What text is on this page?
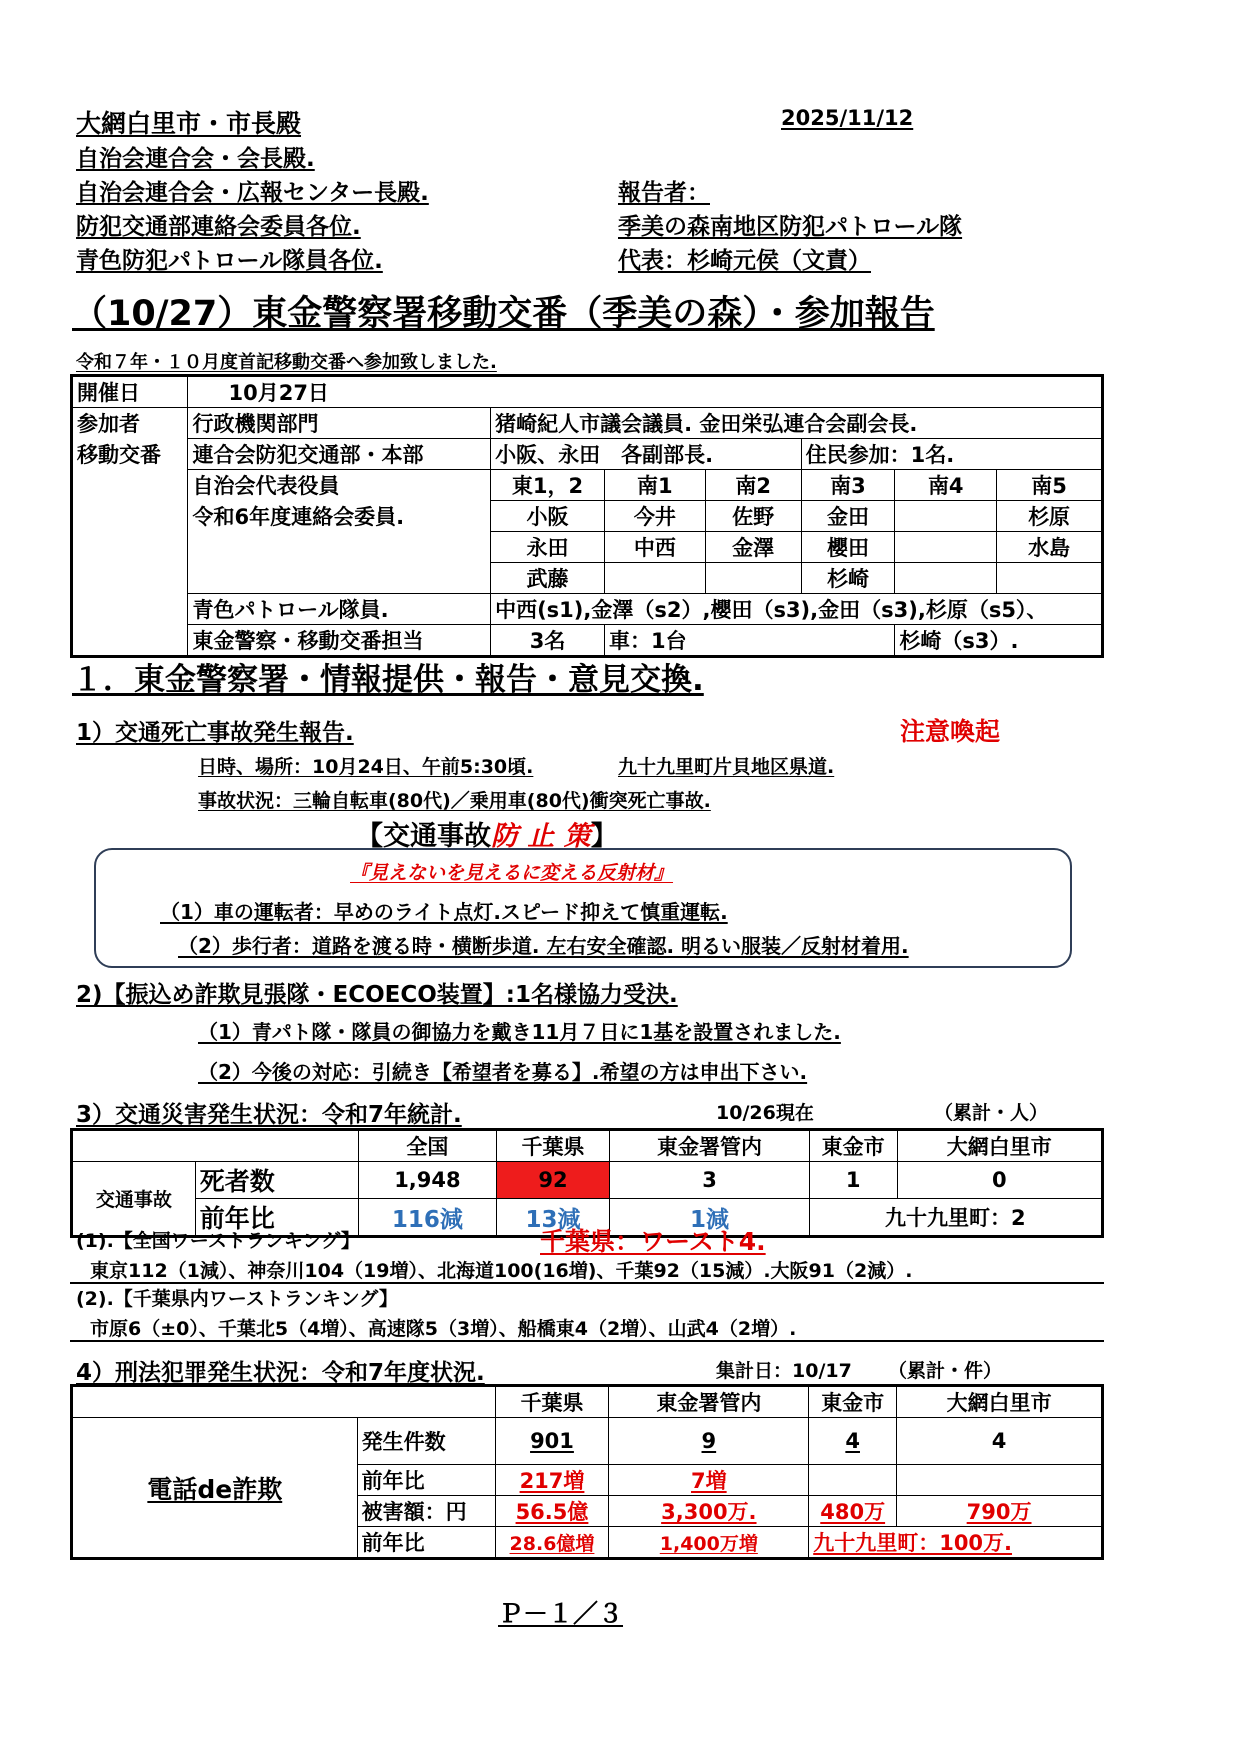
大網白里市・市長殿
自治会連合会・会長殿.
自治会連合会・広報センター長殿.
防犯交通部連絡会委員各位.
青色防犯パトロール隊員各位.
2025/11/12
報告者：
季美の森南地区防犯パトロール隊
代表：杉崎元侯（文責）
（10/27）東金警察署移動交番（季美の森）・参加報告
令和７年・１０月度首記移動交番へ参加致しました.
開催日	10月27日						
参加者	行政機関部門	猪崎紀人市議会議員. 金田栄弘連合会副会長.					
移動交番	連合会防犯交通部・本部	小阪、永田　各副部長.			住民参加：1名.		
	自治会代表役員	東1，2	南1	南2	南3	南4	南5
	令和6年度連絡会委員.	小阪	今井	佐野	金田		杉原
		永田	中西	金澤	櫻田		水島
		武藤			杉崎		
	青色パトロール隊員.	中西(s1),金澤（s2）,櫻田（s3),金田（s3),杉原（s5）、					
	東金警察・移動交番担当	3名	車：1台			杉崎（s3）.	
１．東金警察署・情報提供・報告・意見交換.
1）交通死亡事故発生報告.	注意喚起
日時、場所：10月24日、午前5:30頃.	九十九里町片貝地区県道.
事故状況：三輪自転車(80代)／乗用車(80代)衝突死亡事故.
【交通事故防 止 策】
『見えないを見えるに変える反射材』
（1）車の運転者：早めのライト点灯.スピード抑えて慎重運転.
（2）歩行者：道路を渡る時・横断歩道. 左右安全確認. 明るい服装／反射材着用.
2)【振込め詐欺見張隊・ECOECO装置】:1名様協力受決.
（1）青パト隊・隊員の御協力を戴き11月７日に1基を設置されました.
（2）今後の対応：引続き【希望者を募る】.希望の方は申出下さい.
3）交通災害発生状況：令和7年統計.	10/26現在	（累計・人）
		全国	千葉県	東金署管内	東金市	大網白里市
交通事故	死者数	1,948	92	3	1	0
	前年比	116減	13減	1減	九十九里町：2	
(1).【全国ワーストランキング】	千葉県：ワースト4.
東京112（1減）、神奈川104（19増）、北海道100(16増)、千葉92（15減）.大阪91（2減）.
(2).【千葉県内ワーストランキング】
市原6（±0）、千葉北5（4増）、高速隊5（3増）、船橋東4（2増）、山武4（2増）.
4）刑法犯罪発生状況：令和7年度状況.	集計日：10/17 （累計・件）
		千葉県	東金署管内	東金市	大網白里市
電話de詐欺	発生件数	901	9	4	4
	前年比	217増	7増		
	被害額：円	56.5億	3,300万.	480万	790万
	前年比	28.6億増	1,400万増	九十九里町：100万.	
Ｐ－１／３
